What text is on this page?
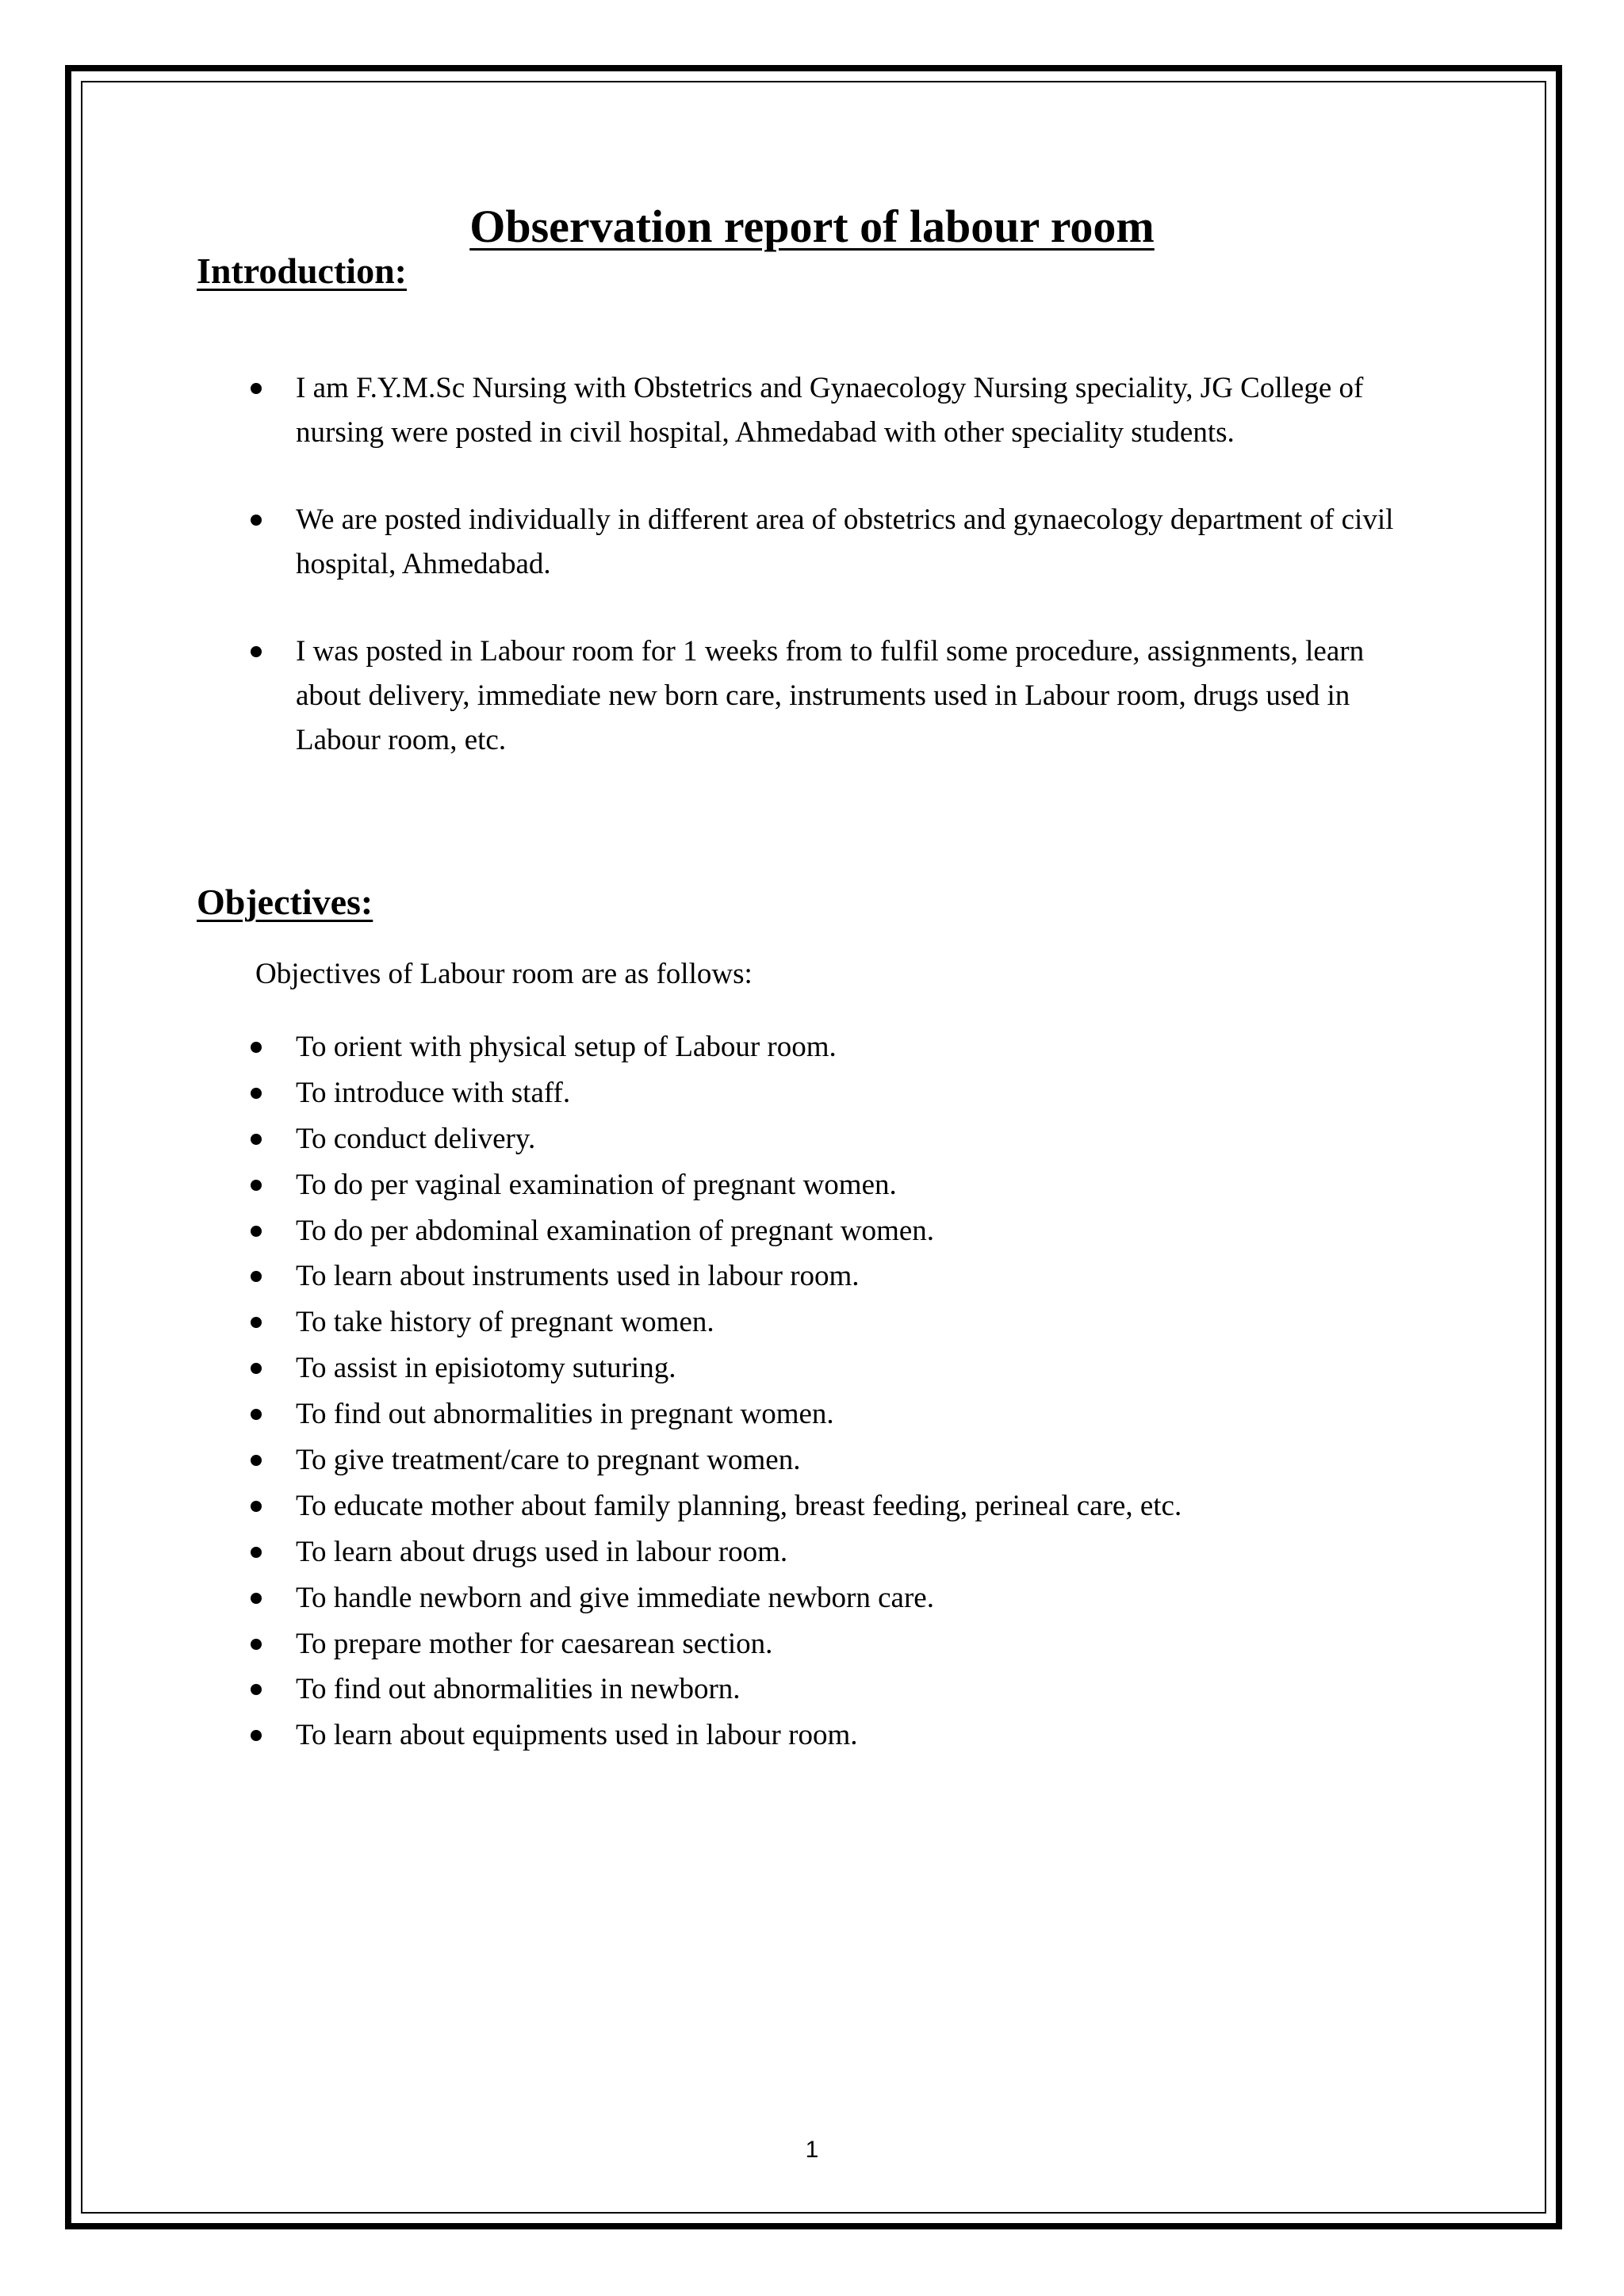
Observation report of labour room
Introduction:
I am F.Y.M.Sc Nursing with Obstetrics and Gynaecology Nursing speciality, JG College of nursing were posted in civil hospital, Ahmedabad with other speciality students.
We are posted individually in different area of obstetrics and gynaecology department of civil hospital, Ahmedabad.
I was posted in Labour room for 1 weeks from to fulfil some procedure, assignments, learn about delivery, immediate new born care, instruments used in Labour room, drugs used in Labour room, etc.
Objectives:

Objectives of Labour room are as follows:

To orient with physical setup of Labour room.
To introduce with staff.
To conduct delivery.
To do per vaginal examination of pregnant women.
To do per abdominal examination of pregnant women.
To learn about instruments used in labour room.
To take history of pregnant women.
To assist in episiotomy suturing.
To find out abnormalities in pregnant women.
To give treatment/care to pregnant women.
To educate mother about family planning, breast feeding, perineal care, etc.
To learn about drugs used in labour room.
To handle newborn and give immediate newborn care.
To prepare mother for caesarean section.
To find out abnormalities in newborn.
To learn about equipments used in labour room.
1
